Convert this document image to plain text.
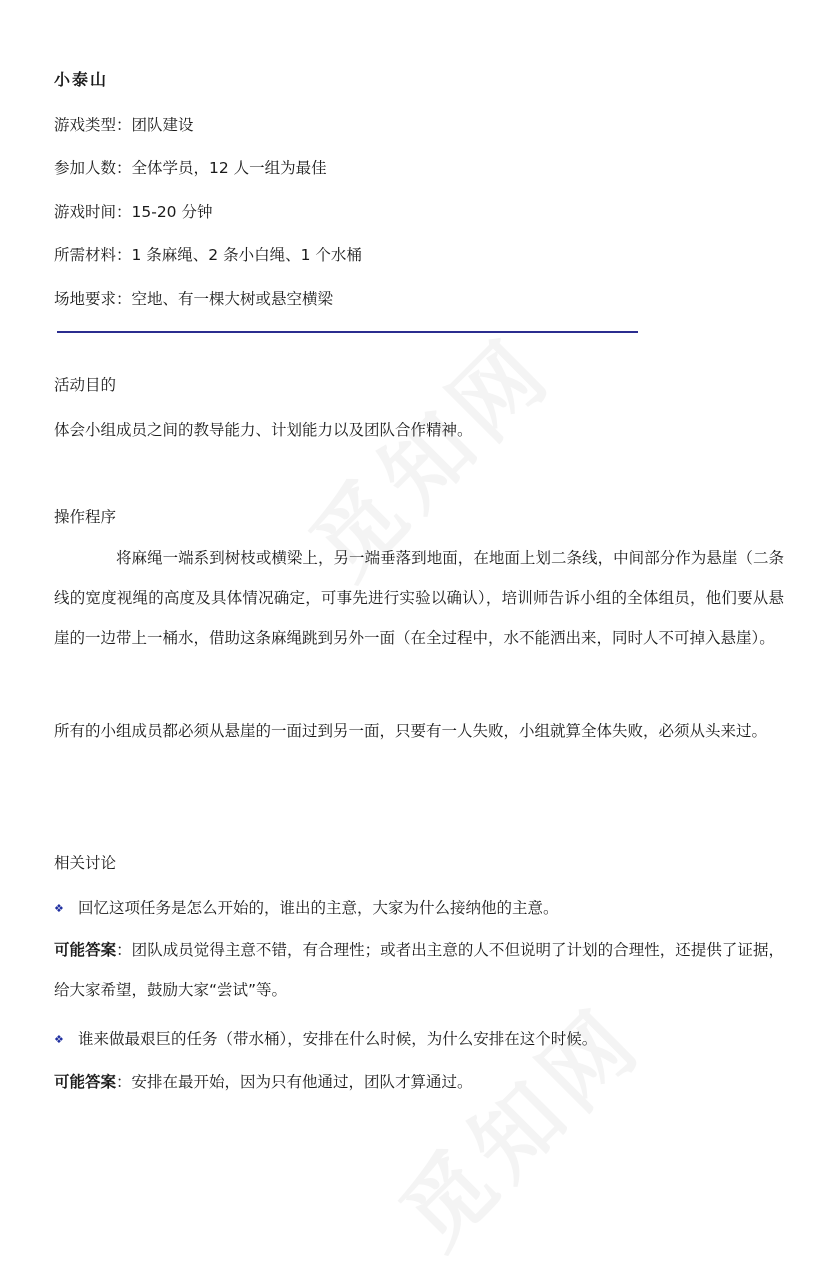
小泰山
游戏类型：团队建设
参加人数：全体学员，12 人一组为最佳
游戏时间：15-20 分钟
所需材料：1 条麻绳、2 条小白绳、1 个水桶
场地要求：空地、有一棵大树或悬空横梁
活动目的
体会小组成员之间的教导能力、计划能力以及团队合作精神。
操作程序
将麻绳一端系到树枝或横梁上，另一端垂落到地面，在地面上划二条线，中间部分作为悬崖（二条线的宽度视绳的高度及具体情况确定，可事先进行实验以确认），培训师告诉小组的全体组员，他们要从悬崖的一边带上一桶水，借助这条麻绳跳到另外一面（在全过程中，水不能洒出来，同时人不可掉入悬崖）。
所有的小组成员都必须从悬崖的一面过到另一面，只要有一人失败，小组就算全体失败，必须从头来过。
相关讨论
❖ 回忆这项任务是怎么开始的，谁出的主意，大家为什么接纳他的主意。
可能答案：团队成员觉得主意不错，有合理性；或者出主意的人不但说明了计划的合理性，还提供了证据，给大家希望，鼓励大家“尝试”等。
❖ 谁来做最艰巨的任务（带水桶），安排在什么时候，为什么安排在这个时候。
可能答案：安排在最开始，因为只有他通过，团队才算通过。
